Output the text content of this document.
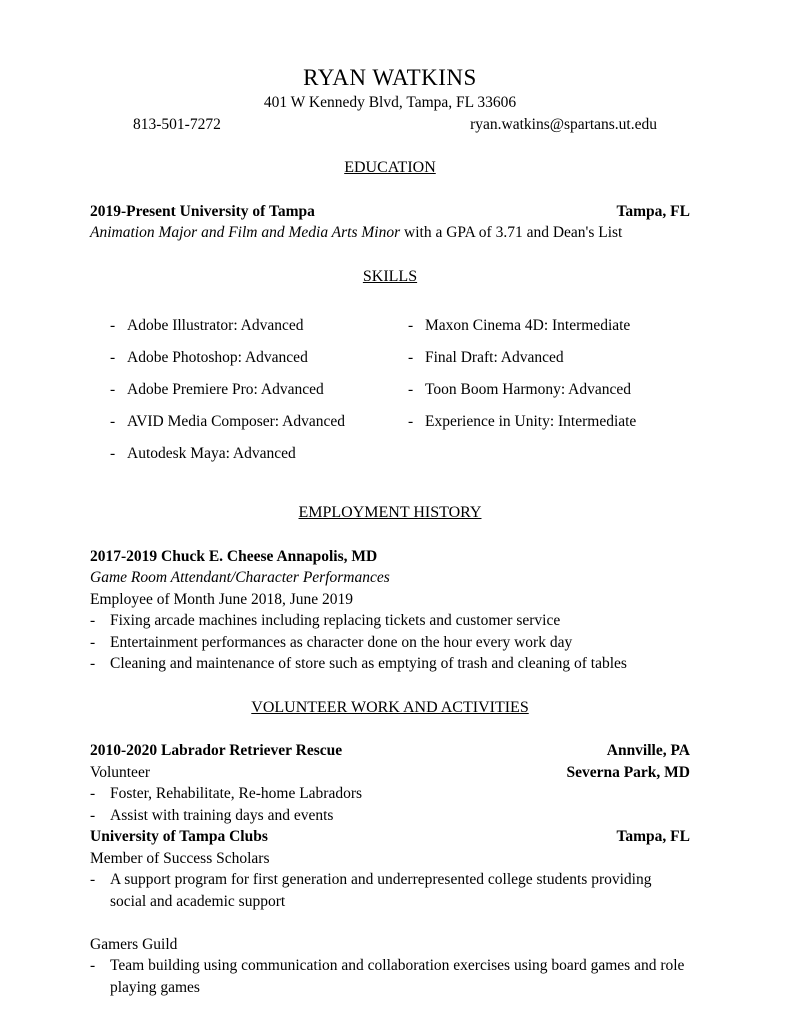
RYAN WATKINS
401 W Kennedy Blvd, Tampa, FL 33606
813-501-7272	ryan.watkins@spartans.ut.edu
EDUCATION
2019-Present University of Tampa	Tampa, FL
Animation Major and Film and Media Arts Minor with a GPA of 3.71 and Dean's List
SKILLS
- Adobe Illustrator: Advanced
- Adobe Photoshop: Advanced
- Adobe Premiere Pro: Advanced
- AVID Media Composer: Advanced
- Autodesk Maya: Advanced
- Maxon Cinema 4D: Intermediate
- Final Draft: Advanced
- Toon Boom Harmony: Advanced
- Experience in Unity: Intermediate
EMPLOYMENT HISTORY
2017-2019 Chuck E. Cheese Annapolis, MD
Game Room Attendant/Character Performances
Employee of Month June 2018, June 2019
- Fixing arcade machines including replacing tickets and customer service
- Entertainment performances as character done on the hour every work day
- Cleaning and maintenance of store such as emptying of trash and cleaning of tables
VOLUNTEER WORK AND ACTIVITIES
2010-2020 Labrador Retriever Rescue	Annville, PA
Volunteer	Severna Park, MD
- Foster, Rehabilitate, Re-home Labradors
- Assist with training days and events
University of Tampa Clubs	Tampa, FL
Member of Success Scholars
- A support program for first generation and underrepresented college students providing social and academic support
Gamers Guild
- Team building using communication and collaboration exercises using board games and role playing games
